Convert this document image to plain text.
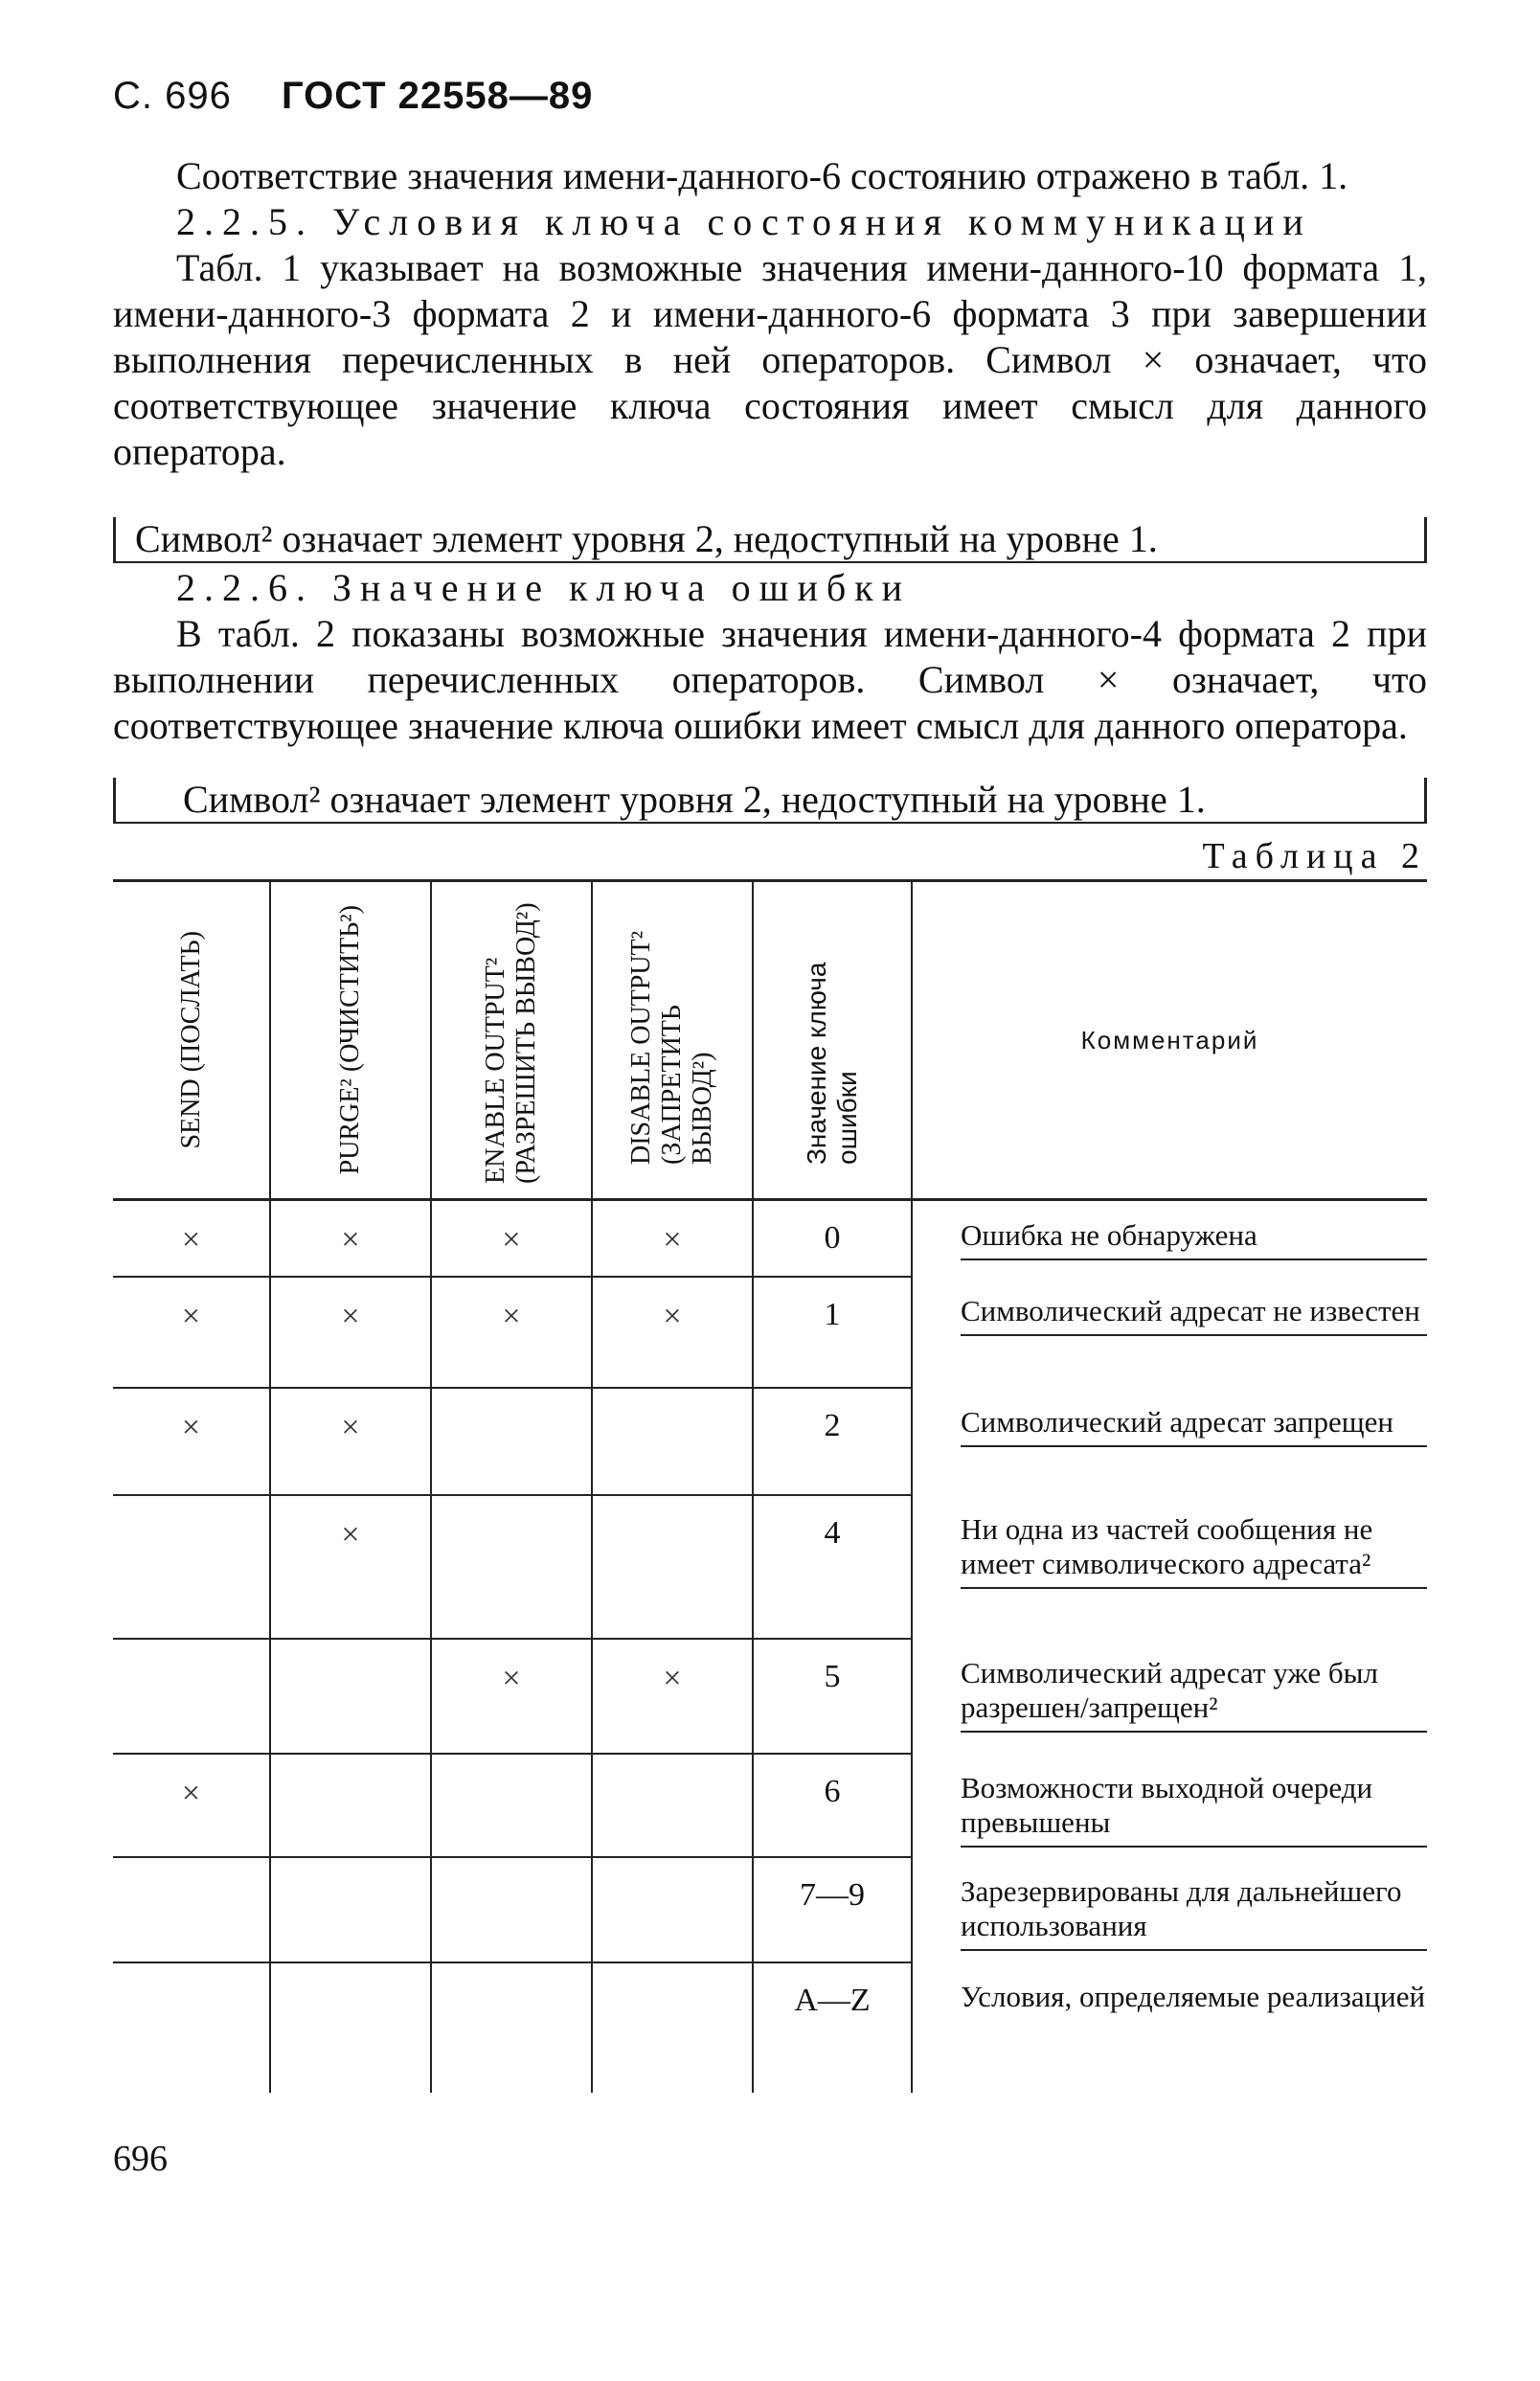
С. 696 ГОСТ 22558—89

Соответствие значения имени-данного-6 состоянию отражено в табл. 1.

2.2.5. Условия ключа состояния коммуникации

Табл. 1 указывает на возможные значения имени-данного-10 формата 1, имени-данного-3 формата 2 и имени-данного-6 формата 3 при завершении выполнения перечисленных в ней операторов. Символ × означает, что соответствующее значение ключа состояния имеет смысл для данного оператора.

Символ² означает элемент уровня 2, недоступный на уровне 1.

2.2.6. Значение ключа ошибки

В табл. 2 показаны возможные значения имени-данного-4 формата 2 при выполнении перечисленных операторов. Символ × означает, что соответствующее значение ключа ошибки имеет смысл для данного оператора.

Символ² означает элемент уровня 2, недоступный на уровне 1.
Таблица 2
SEND (ПОСЛАТЬ)	PURGE² (ОЧИСТИТЬ²)	ENABLE OUTPUT² (РАЗРЕШИТЬ ВЫВОД²)	DISABLE OUTPUT² (ЗАПРЕТИТЬ ВЫВОД²)	Значение ключа ошибки	Комментарий
×	×	×	×	0	Ошибка не обнаружена

×	×	×	×	1	Символический адресат не известен

×	×			2	Символический адресат запрещен

	×			4	Ни одна из частей сообщения не имеет символического адресата²

		×	×	5	Символический адресат уже был разрешен/запрещен²

×				6	Возможности выходной очереди превышены

				7—9	Зарезервированы для дальнейшего использования

				A—Z	Условия, определяемые реализацией
696
